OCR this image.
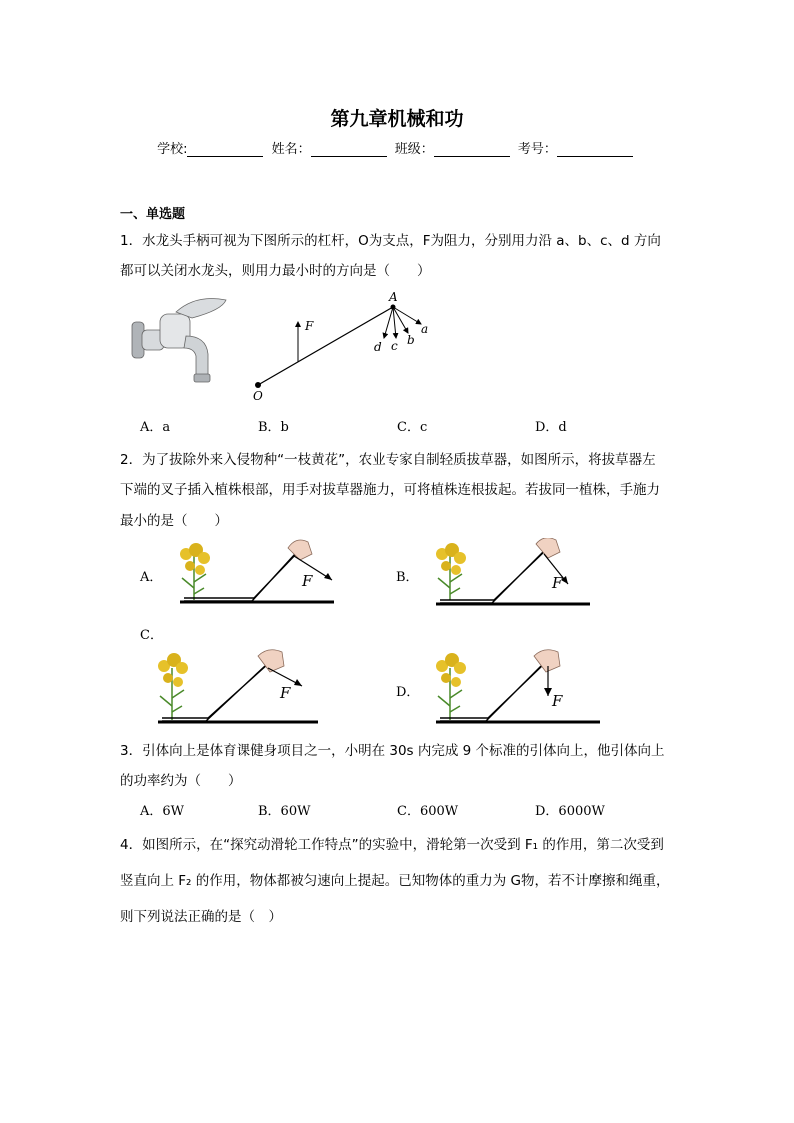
第九章机械和功
学校:	姓名：	班级：	考号：
一、单选题
1．水龙头手柄可视为下图所示的杠杆，O为支点，F为阻力，分别用力沿 a、b、c、d 方向
都可以关闭水龙头，则用力最小时的方向是（　　）
A
O
F	a
b
c
d
A．a	B．b	C．c	D．d
2．为了拔除外来入侵物种“一枝黄花”，农业专家自制轻质拔草器，如图所示，将拔草器左
下端的叉子插入植株根部，用手对拔草器施力，可将植株连根拔起。若拔同一植株，手施力
最小的是（　　）
A．	B．
C．
D．
F	F
F	F
3．引体向上是体育课健身项目之一，小明在 30s 内完成 9 个标准的引体向上，他引体向上
的功率约为（　　）
A．6W	B．60W	C．600W	D．6000W
4．如图所示，在“探究动滑轮工作特点”的实验中，滑轮第一次受到 F₁ 的作用，第二次受到
竖直向上 F₂ 的作用，物体都被匀速向上提起。已知物体的重力为 G物，若不计摩擦和绳重，
则下列说法正确的是（　）
